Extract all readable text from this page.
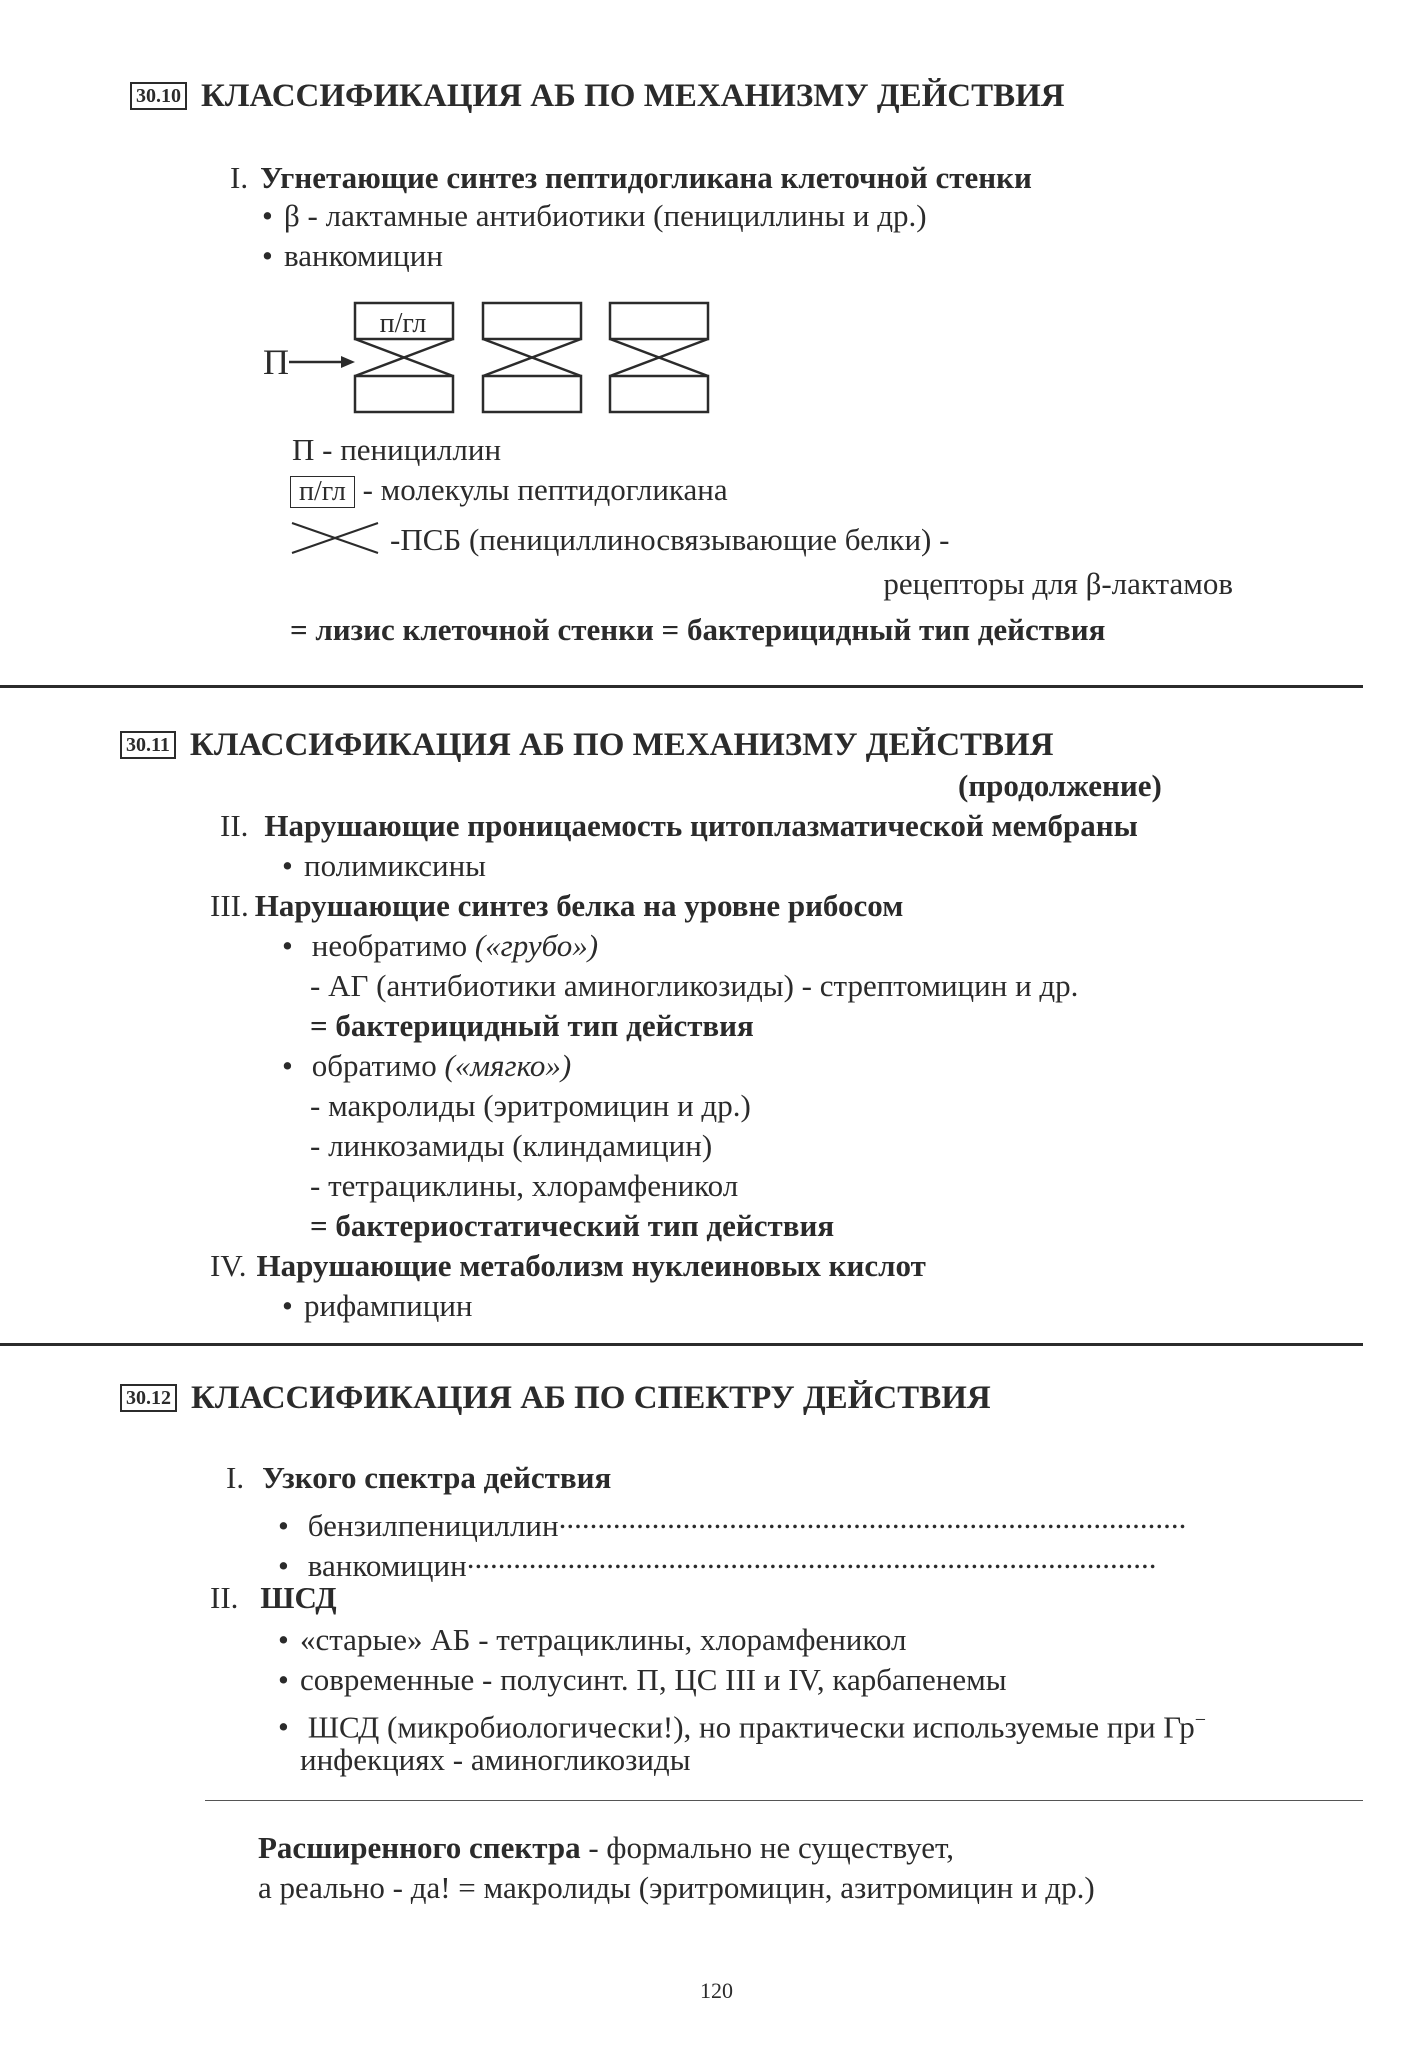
30.10 КЛАССИФИКАЦИЯ АБ ПО МЕХАНИЗМУ ДЕЙСТВИЯ
I. Угнетающие синтез пептидогликана клеточной стенки
• β - лактамные антибиотики (пенициллины и др.)
• ванкомицин
п/гл
П
П - пенициллин
п/гл - молекулы пептидогликана
-ПСБ (пенициллиносвязывающие белки) -
рецепторы для β-лактамов
= лизис клеточной стенки = бактерицидный тип действия
30.11 КЛАССИФИКАЦИЯ АБ ПО МЕХАНИЗМУ ДЕЙСТВИЯ
(продолжение)
II. Нарушающие проницаемость цитоплазматической мембраны
• полимиксины
III. Нарушающие синтез белка на уровне рибосом
• необратимо («грубо»)
- АГ (антибиотики аминогликозиды) - стрептомицин и др.
= бактерицидный тип действия
• обратимо («мягко»)
- макролиды (эритромицин и др.)
- линкозамиды (клиндамицин)
- тетрациклины, хлорамфеникол
= бактериостатический тип действия
IV. Нарушающие метаболизм нуклеиновых кислот
• рифампицин
30.12 КЛАССИФИКАЦИЯ АБ ПО СПЕКТРУ ДЕЙСТВИЯ
I. Узкого спектра действия
• бензилпенициллин.................................................................................
• ванкомицин.........................................................................................
II. ШСД
• «старые» АБ - тетрациклины, хлорамфеникол
• современные - полусинт. П, ЦС III и IV, карбапенемы
• ШСД (микробиологически!), но практически используемые при Гр−
инфекциях - аминогликозиды
Расширенного спектра - формально не существует,
а реально - да! = макролиды (эритромицин, азитромицин и др.)
120
